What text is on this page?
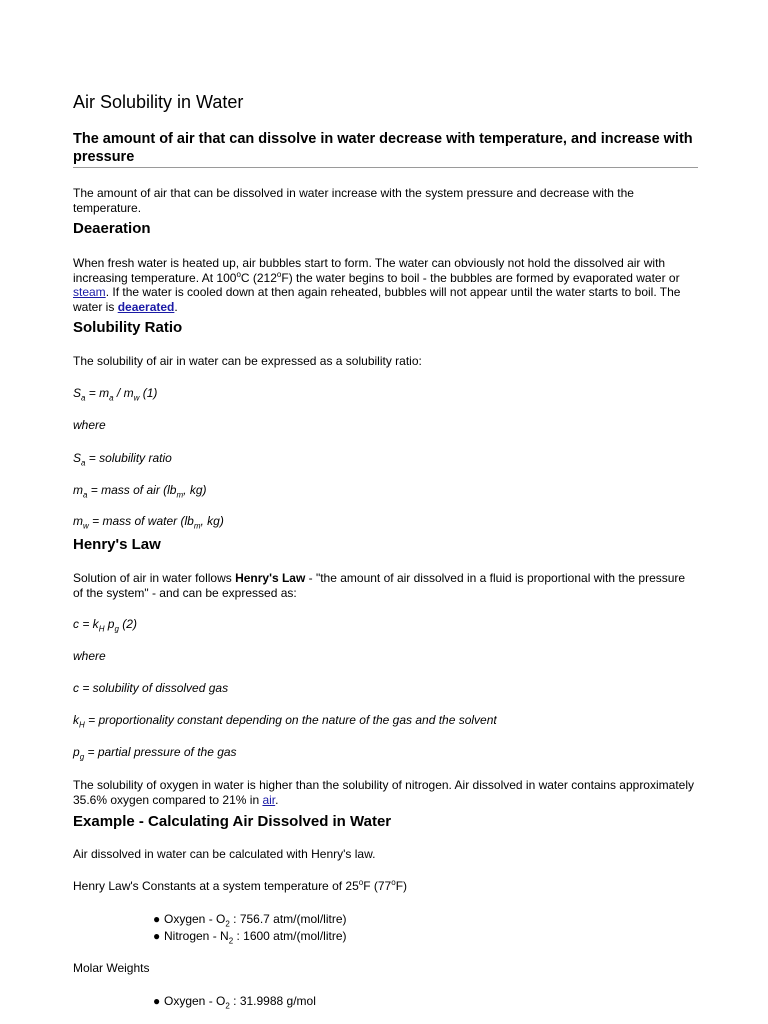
Air Solubility in Water
The amount of air that can dissolve in water decrease with temperature, and increase with pressure

The amount of air that can be dissolved in water increase with the system pressure and decrease with the temperature.

Deaeration

When fresh water is heated up, air bubbles start to form. The water can obviously not hold the dissolved air with increasing temperature. At 100$^o$C (212$^o$F) the water begins to boil - the bubbles are formed by evaporated water or steam. If the water is cooled down at then again reheated, bubbles will not appear until the water starts to boil. The water is deaerated.

Solubility Ratio

The solubility of air in water can be expressed as a solubility ratio:

$S_a = m_a / m_w$ (1)

where

$S_a$ = solubility ratio

$m_a$ = mass of air ($lb_m$, kg)

$m_w$ = mass of water ($lb_m$, kg)

Henry's Law

Solution of air in water follows Henry's Law - "the amount of air dissolved in a fluid is proportional with the pressure of the system" - and can be expressed as:

$c = k_H$ $p_g$ (2)

where

c = solubility of dissolved gas

$k_H$ = proportionality constant depending on the nature of the gas and the solvent

$p_g$ = partial pressure of the gas

The solubility of oxygen in water is higher than the solubility of nitrogen. Air dissolved in water contains approximately 35.6% oxygen compared to 21% in air.

Example - Calculating Air Dissolved in Water

Air dissolved in water can be calculated with Henry's law.

Henry Law's Constants at a system temperature of 25$^o$F (77$^o$F)

● Oxygen - $O_2$ : 756.7 atm/(mol/litre)
● Nitrogen - $N_2$ : 1600 atm/(mol/litre)

Molar Weights

● Oxygen - $O_2$ : 31.9988 g/mol
